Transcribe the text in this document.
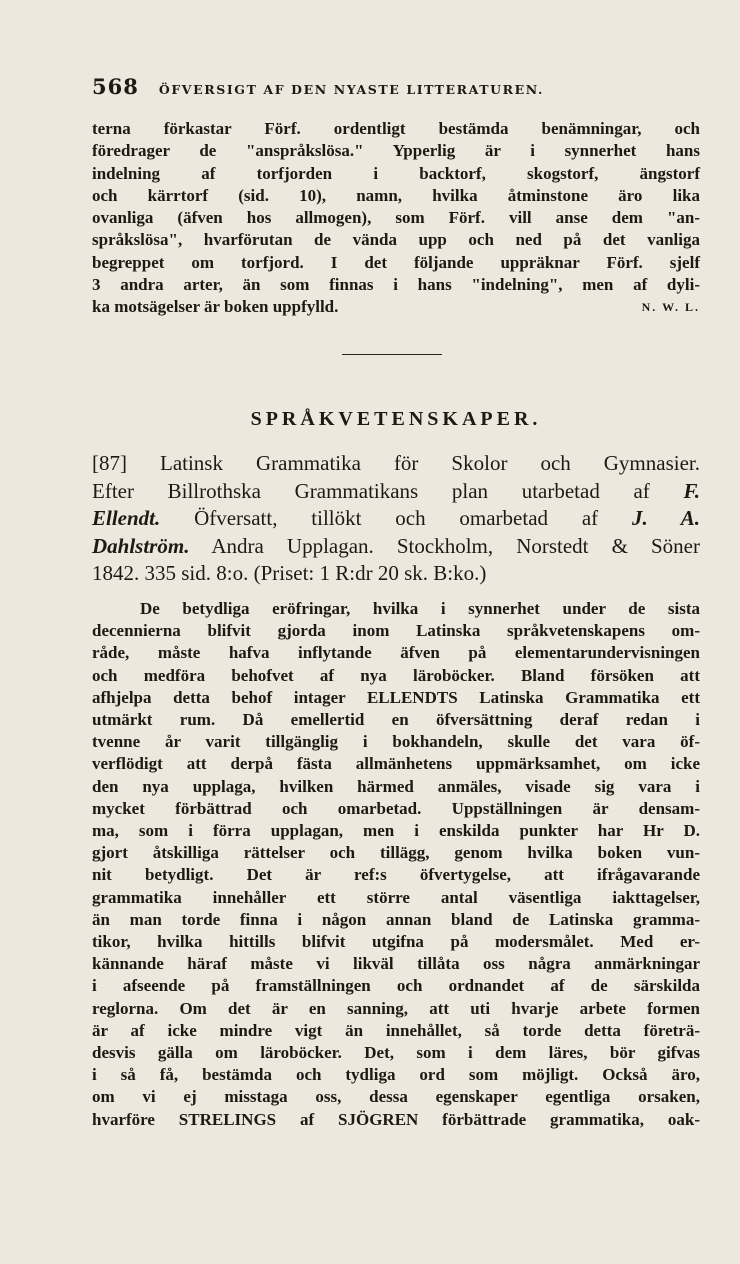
568 ÖFVERSIGT AF DEN NYASTE LITTERATUREN.
terna förkastar Förf. ordentligt bestämda benämningar, och
föredrager de "anspråkslösa." Ypperlig är i synnerhet hans
indelning af torfjorden i backtorf, skogstorf, ängstorf
och kärrtorf (sid. 10), namn, hvilka åtminstone äro lika
ovanliga (äfven hos allmogen), som Förf. vill anse dem "an-
språkslösa", hvarförutan de vända upp och ned på det vanliga
begreppet om torfjord. I det följande uppräknar Förf. sjelf
3 andra arter, än som finnas i hans "indelning", men af dyli-
ka motsägelser är boken uppfylld.	N. W. L.
SPRÅKVETENSKAPER.
[87] Latinsk Grammatika för Skolor och Gymnasier.
Efter Billrothska Grammatikans plan utarbetad af F.
Ellendt. Öfversatt, tillökt och omarbetad af J. A.
Dahlström. Andra Upplagan. Stockholm, Norstedt & Söner
1842. 335 sid. 8:o. (Priset: 1 R:dr 20 sk. B:ko.)
De betydliga eröfringar, hvilka i synnerhet under de sista
decennierna blifvit gjorda inom Latinska språkvetenskapens om-
råde, måste hafva inflytande äfven på elementarundervisningen
och medföra behofvet af nya läroböcker. Bland försöken att
afhjelpa detta behof intager ELLENDTS Latinska Grammatika ett
utmärkt rum. Då emellertid en öfversättning deraf redan i
tvenne år varit tillgänglig i bokhandeln, skulle det vara öf-
verflödigt att derpå fästa allmänhetens uppmärksamhet, om icke
den nya upplaga, hvilken härmed anmäles, visade sig vara i
mycket förbättrad och omarbetad. Uppställningen är densam-
ma, som i förra upplagan, men i enskilda punkter har Hr D.
gjort åtskilliga rättelser och tillägg, genom hvilka boken vun-
nit betydligt. Det är ref:s öfvertygelse, att ifrågavarande
grammatika innehåller ett större antal väsentliga iakttagelser,
än man torde finna i någon annan bland de Latinska gramma-
tikor, hvilka hittills blifvit utgifna på modersmålet. Med er-
kännande häraf måste vi likväl tillåta oss några anmärkningar
i afseende på framställningen och ordnandet af de särskilda
reglorna. Om det är en sanning, att uti hvarje arbete formen
är af icke mindre vigt än innehållet, så torde detta företrä-
desvis gälla om läroböcker. Det, som i dem läres, bör gifvas
i så få, bestämda och tydliga ord som möjligt. Också äro,
om vi ej misstaga oss, dessa egenskaper egentliga orsaken,
hvarföre STRELINGS af SJÖGREN förbättrade grammatika, oak-
